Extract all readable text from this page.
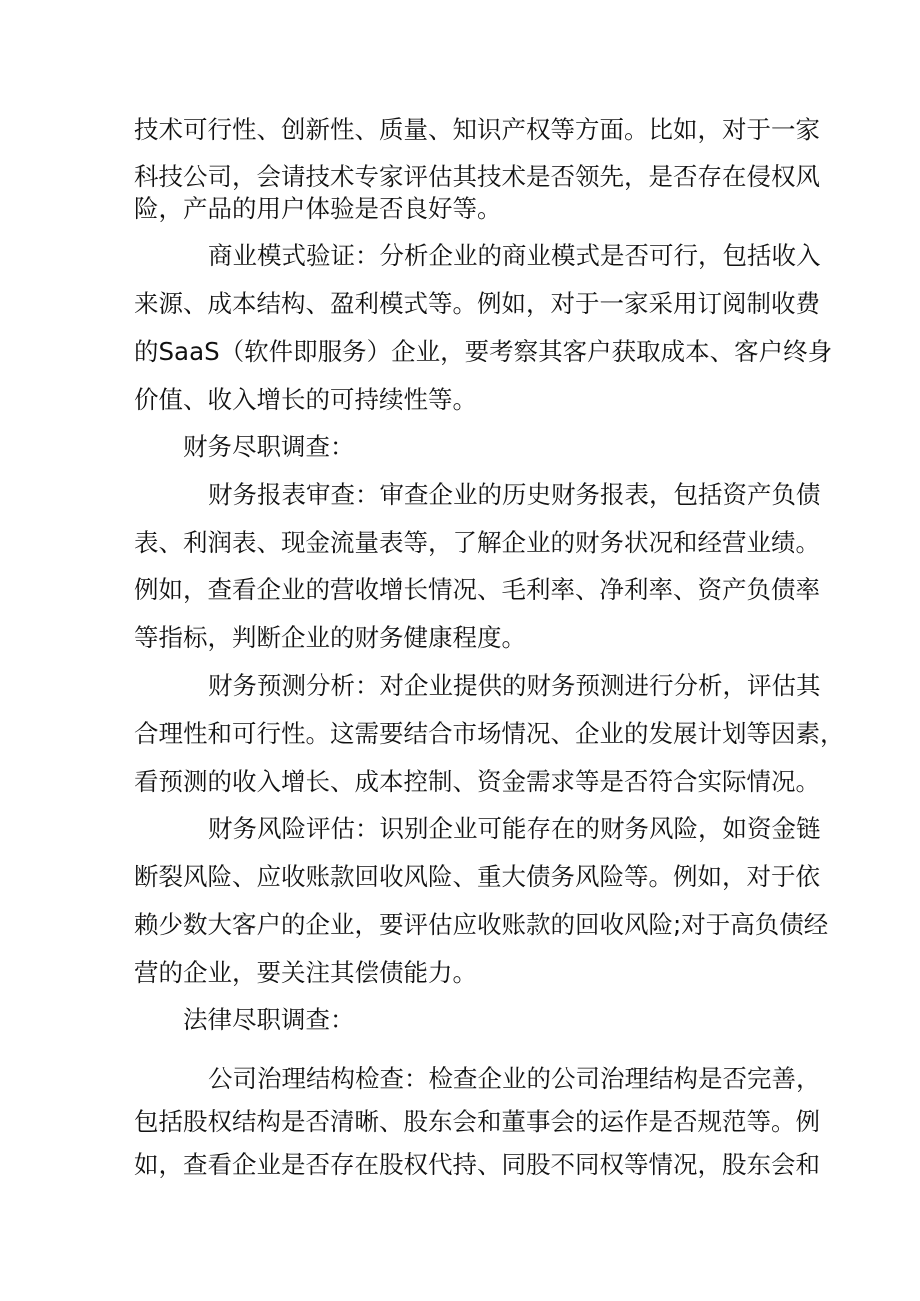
技术可行性、创新性、质量、知识产权等方面。比如，对于一家
科技公司，会请技术专家评估其技术是否领先，是否存在侵权风
险，产品的用户体验是否良好等。
商业模式验证：分析企业的商业模式是否可行，包括收入
来源、成本结构、盈利模式等。例如，对于一家采用订阅制收费
的SaaS（软件即服务）企业，要考察其客户获取成本、客户终身
价值、收入增长的可持续性等。
财务尽职调查：
财务报表审查：审查企业的历史财务报表，包括资产负债
表、利润表、现金流量表等，了解企业的财务状况和经营业绩。
例如，查看企业的营收增长情况、毛利率、净利率、资产负债率
等指标，判断企业的财务健康程度。
财务预测分析：对企业提供的财务预测进行分析，评估其
合理性和可行性。这需要结合市场情况、企业的发展计划等因素，
看预测的收入增长、成本控制、资金需求等是否符合实际情况。
财务风险评估：识别企业可能存在的财务风险，如资金链
断裂风险、应收账款回收风险、重大债务风险等。例如，对于依
赖少数大客户的企业，要评估应收账款的回收风险;对于高负债经
营的企业，要关注其偿债能力。
法律尽职调查：
公司治理结构检查：检查企业的公司治理结构是否完善，
包括股权结构是否清晰、股东会和董事会的运作是否规范等。例
如，查看企业是否存在股权代持、同股不同权等情况，股东会和
